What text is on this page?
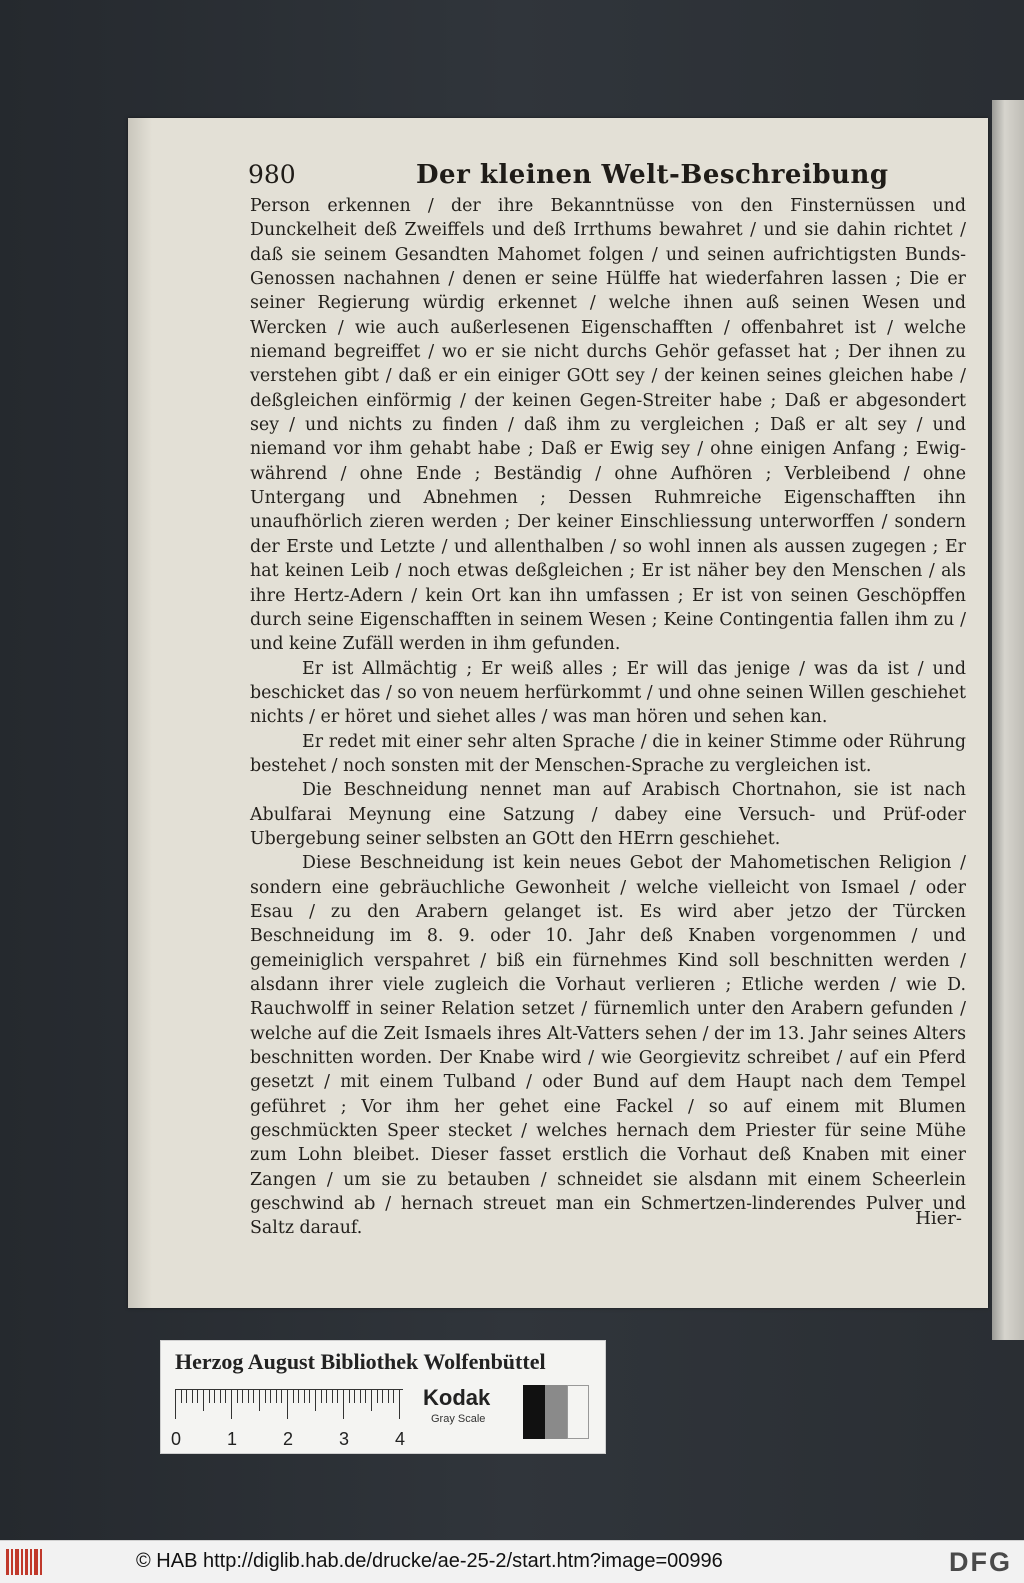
980	Der kleinen Welt-Beschreibung

Person erkennen / der ihre Bekanntnüsse von den Finsternüssen und Dunckelheit deß Zweiffels und deß Irrthums bewahret / und sie dahin richtet / daß sie seinem Gesandten Mahomet folgen / und seinen aufrichtigsten Bunds-Genossen nachahnen / denen er seine Hülffe hat wiederfahren lassen ; Die er seiner Regierung würdig erkennet / welche ihnen auß seinen Wesen und Wercken / wie auch außerlesenen Eigenschafften / offenbahret ist / welche niemand begreiffet / wo er sie nicht durchs Gehör gefasset hat ; Der ihnen zu verstehen gibt / daß er ein einiger GOtt sey / der keinen seines gleichen habe / deßgleichen einförmig / der keinen Gegen-Streiter habe ; Daß er abgesondert sey / und nichts zu finden / daß ihm zu vergleichen ; Daß er alt sey / und niemand vor ihm gehabt habe ; Daß er Ewig sey / ohne einigen Anfang ; Ewig-während / ohne Ende ; Beständig / ohne Aufhören ; Verbleibend / ohne Untergang und Abnehmen ; Dessen Ruhmreiche Eigenschafften ihn unaufhörlich zieren werden ; Der keiner Einschliessung unterworffen / sondern der Erste und Letzte / und allenthalben / so wohl innen als aussen zugegen ; Er hat keinen Leib / noch etwas deßgleichen ; Er ist näher bey den Menschen / als ihre Hertz-Adern / kein Ort kan ihn umfassen ; Er ist von seinen Geschöpffen durch seine Eigenschafften in seinem Wesen ; Keine Contingentia fallen ihm zu / und keine Zufäll werden in ihm gefunden.

Er ist Allmächtig ; Er weiß alles ; Er will das jenige / was da ist / und beschicket das / so von neuem herfürkommt / und ohne seinen Willen geschiehet nichts / er höret und siehet alles / was man hören und sehen kan.

Er redet mit einer sehr alten Sprache / die in keiner Stimme oder Rührung bestehet / noch sonsten mit der Menschen-Sprache zu vergleichen ist.

Die Beschneidung nennet man auf Arabisch Chortnahon, sie ist nach Abulfarai Meynung eine Satzung / dabey eine Versuch- und Prüf-oder Ubergebung seiner selbsten an GOtt den HErrn geschiehet.

Diese Beschneidung ist kein neues Gebot der Mahometischen Religion / sondern eine gebräuchliche Gewonheit / welche vielleicht von Ismael / oder Esau / zu den Arabern gelanget ist. Es wird aber jetzo der Türcken Beschneidung im 8. 9. oder 10. Jahr deß Knaben vorgenommen / und gemeiniglich verspahret / biß ein fürnehmes Kind soll beschnitten werden / alsdann ihrer viele zugleich die Vorhaut verlieren ; Etliche werden / wie D. Rauchwolff in seiner Relation setzet / fürnemlich unter den Arabern gefunden / welche auf die Zeit Ismaels ihres Alt-Vatters sehen / der im 13. Jahr seines Alters beschnitten worden. Der Knabe wird / wie Georgievitz schreibet / auf ein Pferd gesetzt / mit einem Tulband / oder Bund auf dem Haupt nach dem Tempel geführet ; Vor ihm her gehet eine Fackel / so auf einem mit Blumen geschmückten Speer stecket / welches hernach dem Priester für seine Mühe zum Lohn bleibet. Dieser fasset erstlich die Vorhaut deß Knaben mit einer Zangen / um sie zu betauben / schneidet sie alsdann mit einem Scheerlein geschwind ab / hernach streuet man ein Schmertzen-linderendes Pulver und Saltz darauf.	Hier-
Herzog August Bibliothek Wolfenbüttel
0	1	2	3	4
Kodak
Gray Scale
© HAB http://diglib.hab.de/drucke/ae-25-2/start.htm?image=00996	DFG
